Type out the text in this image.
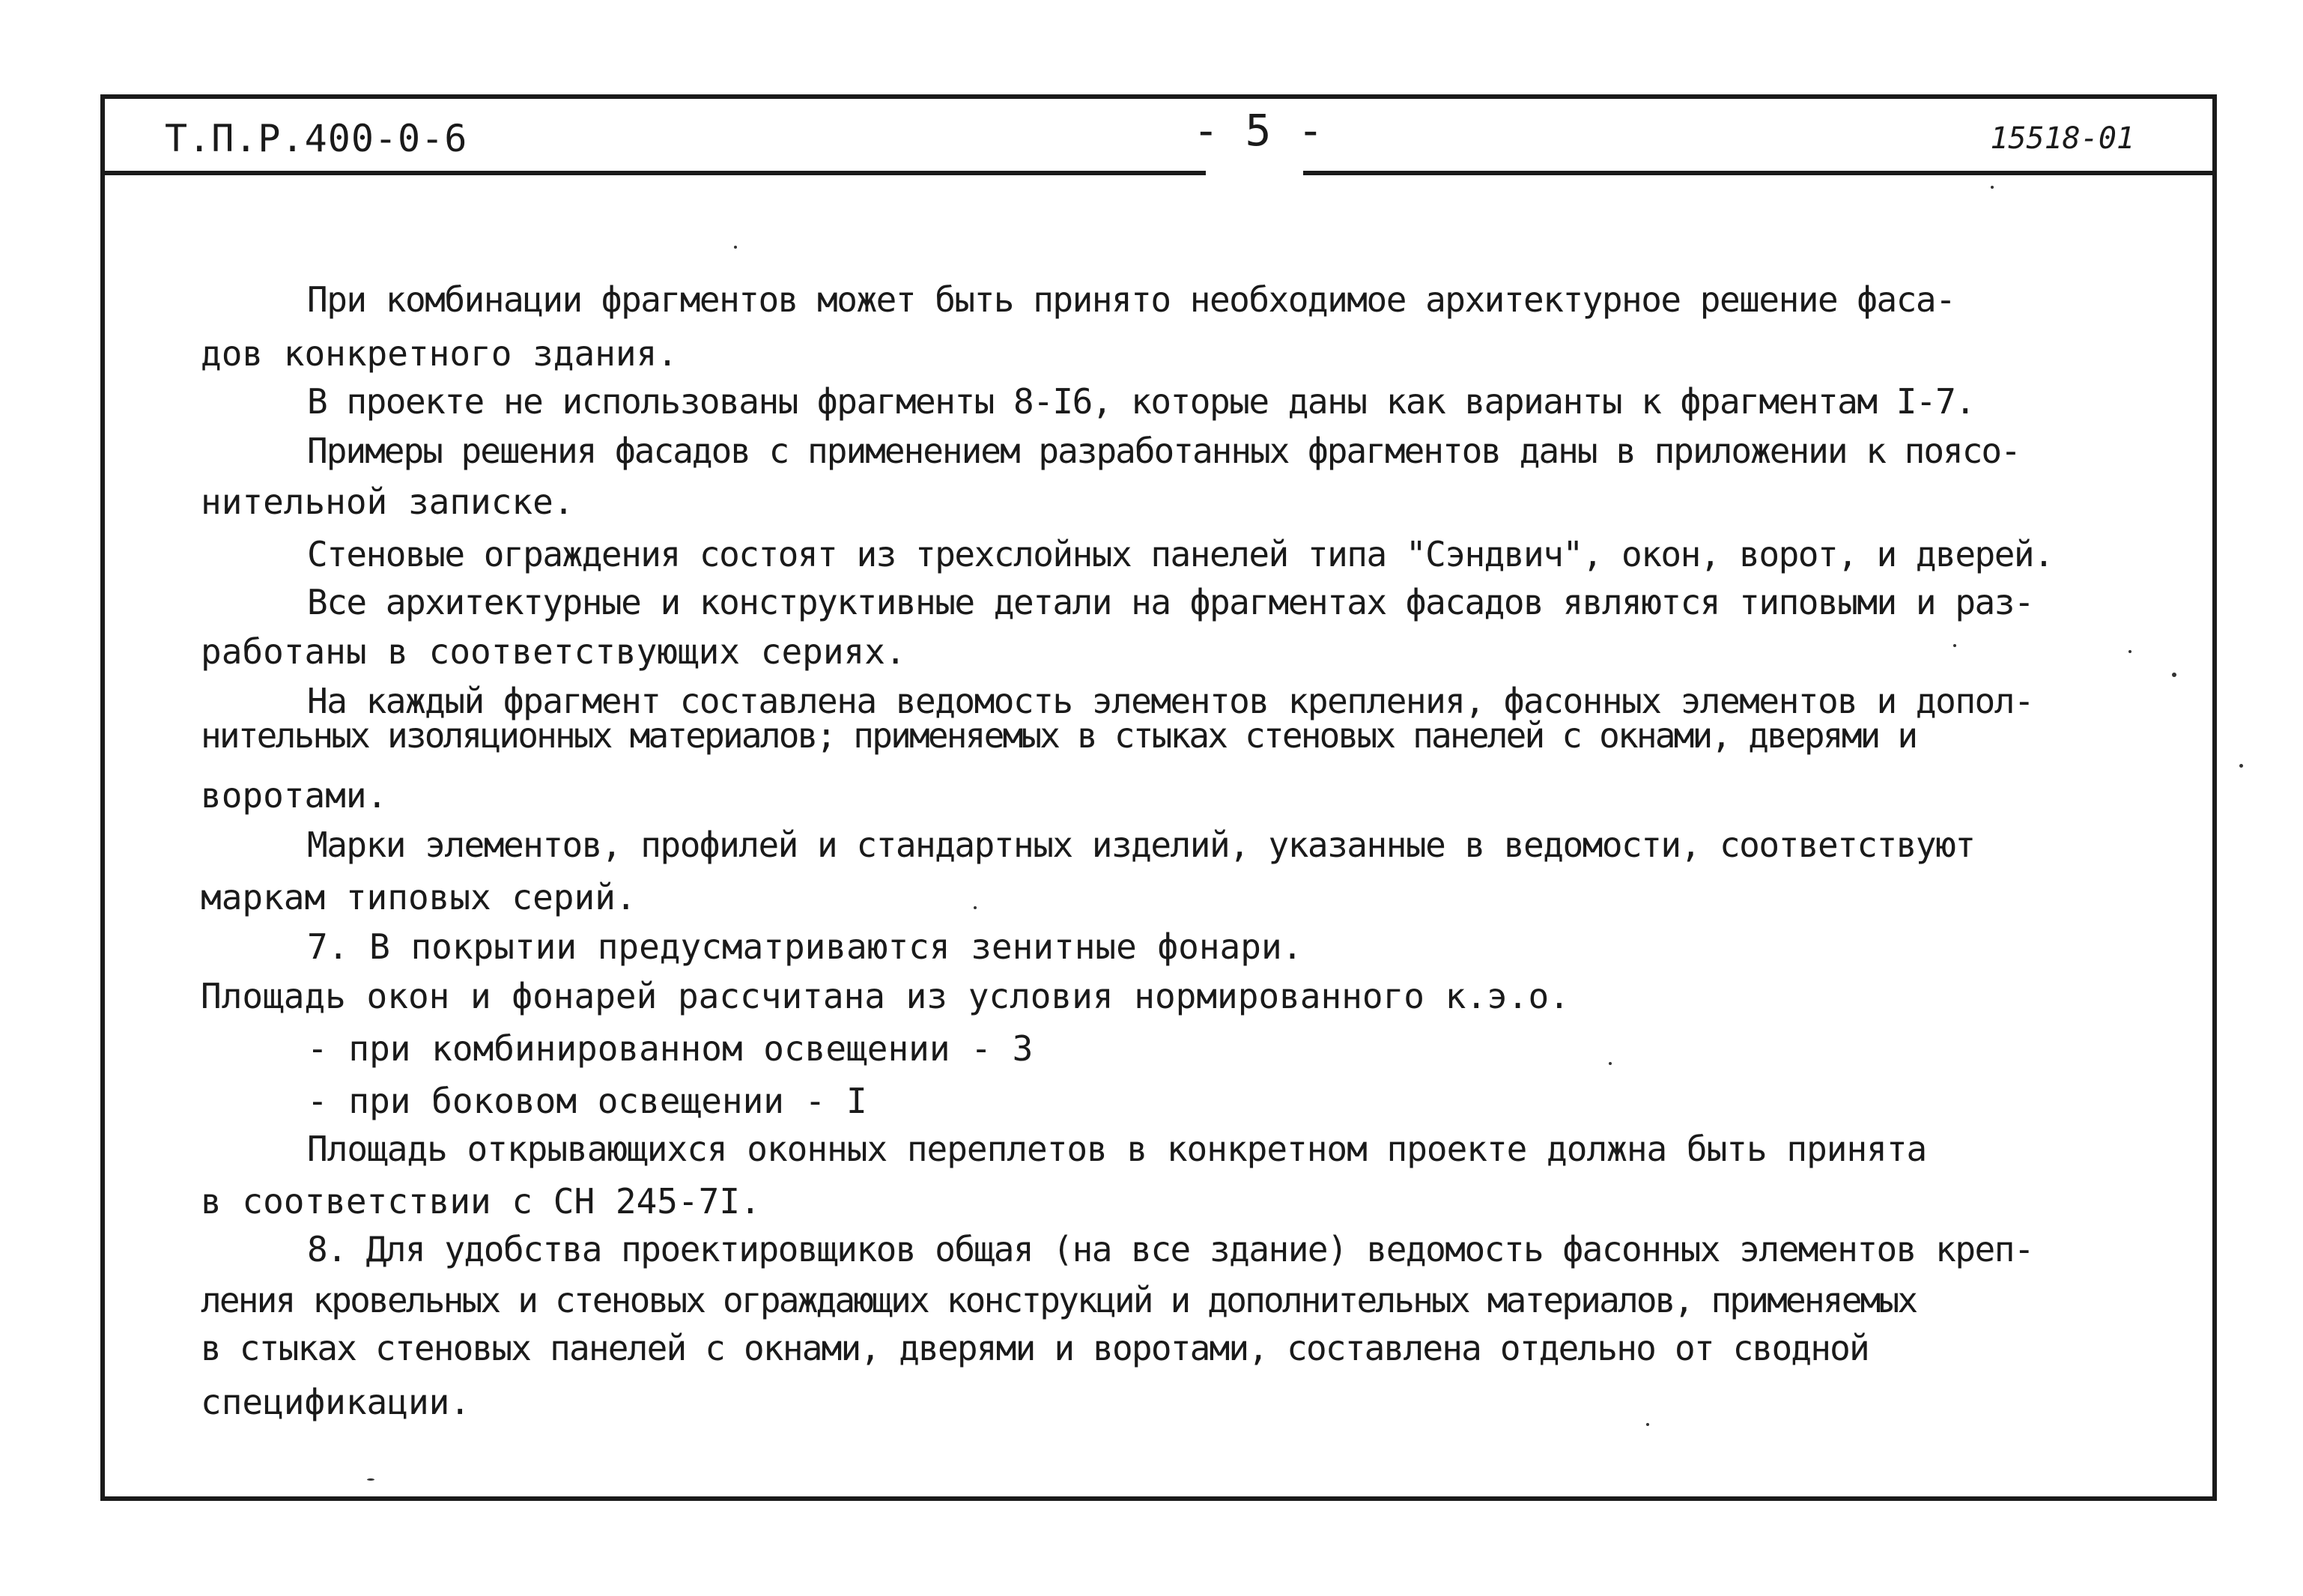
Т.П.Р.400-0-6	- 5 -	15518-01
При комбинации фрагментов может быть принято необходимое архитектурное решение фаса-
дов конкретного здания.
В проекте не использованы фрагменты 8-I6, которые даны как варианты к фрагментам I-7.
Примеры решения фасадов с применением разработанных фрагментов даны в приложении к поясо-
нительной записке.
Стеновые ограждения состоят из трехслойных панелей типа "Сэндвич", окон, ворот, и дверей.
Все архитектурные и конструктивные детали на фрагментах фасадов являются типовыми и раз-
работаны в соответствующих сериях.
На каждый фрагмент составлена ведомость элементов крепления, фасонных элементов и допол-
нительных изоляционных материалов; применяемых в стыках стеновых панелей с окнами, дверями и
воротами.
Марки элементов, профилей и стандартных изделий, указанные в ведомости, соответствуют
маркам типовых серий.
7. В покрытии предусматриваются зенитные фонари.
Площадь окон и фонарей рассчитана из условия нормированного к.э.о.
- при комбинированном освещении - 3
- при боковом освещении - I
Площадь открывающихся оконных переплетов в конкретном проекте должна быть принята
в соответствии с СН 245-7I.
8. Для удобства проектировщиков общая (на все здание) ведомость фасонных элементов креп-
ления кровельных и стеновых ограждающих конструкций и дополнительных материалов, применяемых
в стыках стеновых панелей с окнами, дверями и воротами, составлена отдельно от сводной
спецификации.
